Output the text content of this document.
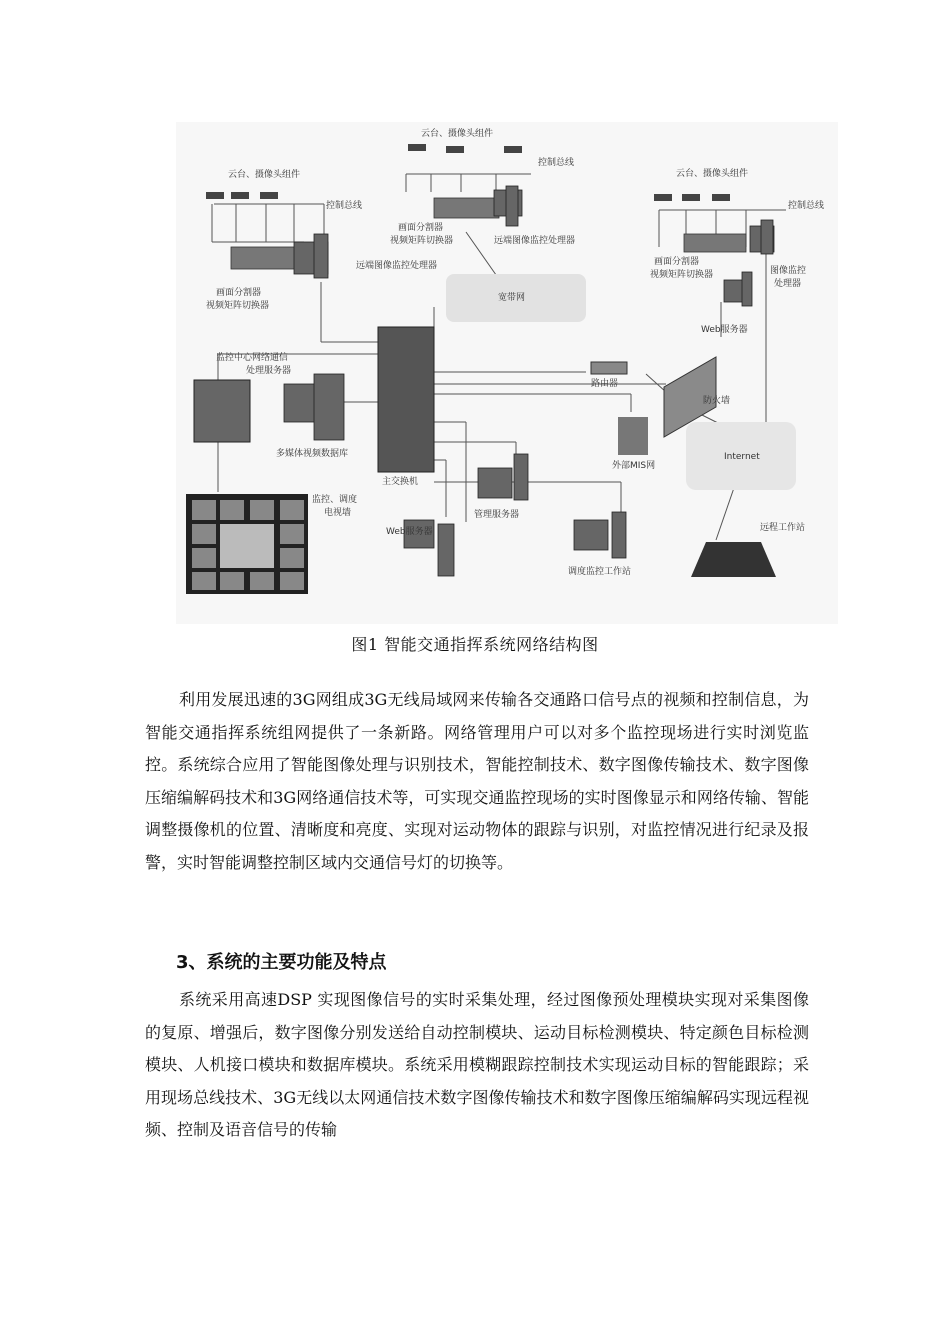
云台、摄像头组件
云台、摄像头组件
云台、摄像头组件
控制总线
控制总线
控制总线
画面分割器
视频矩阵切换器
画面分割器
视频矩阵切换器
画面分割器
视频矩阵切换器
远端图像监控处理器
远端图像监控处理器
图像监控
处理器
宽带网
监控中心网络通信
处理服务器
主交换机
多媒体视频数据库
路由器
防火墙
外部MIS网
Internet
Web服务器
Web服务器
管理服务器
调度监控工作站
远程工作站
监控、调度
电视墙
图1 智能交通指挥系统网络结构图

利用发展迅速的3G网组成3G无线局域网来传输各交通路口信号点的视频和控制信息，为智能交通指挥系统组网提供了一条新路。网络管理用户可以对多个监控现场进行实时浏览监控。系统综合应用了智能图像处理与识别技术，智能控制技术、数字图像传输技术、数字图像压缩编解码技术和3G网络通信技术等，可实现交通监控现场的实时图像显示和网络传输、智能调整摄像机的位置、清晰度和亮度、实现对运动物体的跟踪与识别，对监控情况进行纪录及报警，实时智能调整控制区域内交通信号灯的切换等。

3、系统的主要功能及特点

系统采用高速DSP 实现图像信号的实时采集处理，经过图像预处理模块实现对采集图像的复原、增强后，数字图像分别发送给自动控制模块、运动目标检测模块、特定颜色目标检测模块、人机接口模块和数据库模块。系统采用模糊跟踪控制技术实现运动目标的智能跟踪；采用现场总线技术、3G无线以太网通信技术数字图像传输技术和数字图像压缩编解码实现远程视频、控制及语音信号的传输
